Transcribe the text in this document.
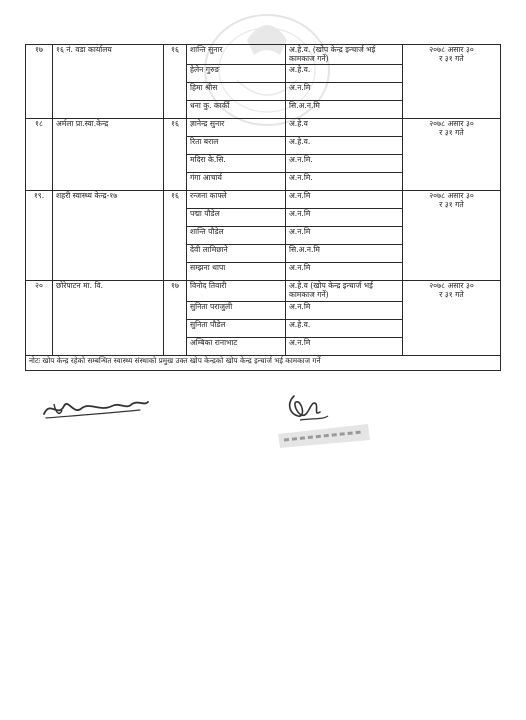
१७	१६ नं. वडा कार्यालय	१६	शान्ति सुनार	अ.हे.व. (खोप केन्द्र इन्चार्ज भई कामकाज गर्ने)	२०७८ असार ३०
र ३१ गते

			हेलेन गुरुङ	अ.हे.व.	
			हिमा श्रीस	अ.न.मि	
			धना कु. कार्की	सि.अ.न.मि	
१८	अर्मला प्रा.स्वा.केन्द्र	१६	ज्ञानेन्द्र सुनार	अ.हे.व	२०७८ असार ३०
र ३१ गते

			रिता बराल	अ.हे.व.	
			मदिरा के.सि.	अ.न.मि.	
			गंगा आचार्य	अ.न.मि.	
१९.	शहरी स्वास्थ्य केन्द्र-१७	१६	रन्जना काफ्ले	अ.न.मि	२०७८ असार ३०
र ३१ गते

			पद्मा पौडेल	अ.न.मि	
			शान्ति पौडेल	अ.न.मि	
			देवी लामिछाने	सि.अ.न.मि	
			सम्झना थापा	अ.न.मि	
२०	छोरेपाटन मा. वि.	१७	विनोद तिवारी	अ.हे.व (खोप केन्द्र इन्चार्ज भई कामकाज गर्ने)	२०७८ असार ३०
र ३१ गते

			सुनिता पराजुली	अ.न.मि	
			सुनिता पौडेल	अ.हे.व.	
			अम्बिका रानाभाट	अ.न.मि	
नोटः खोप केन्द्र रहेको सम्बन्धित स्वास्थ्य संस्थाको प्रमुख उक्त खोप केन्द्रको खोप केन्द्र इन्चार्ज भई कामकाज गर्ने					
